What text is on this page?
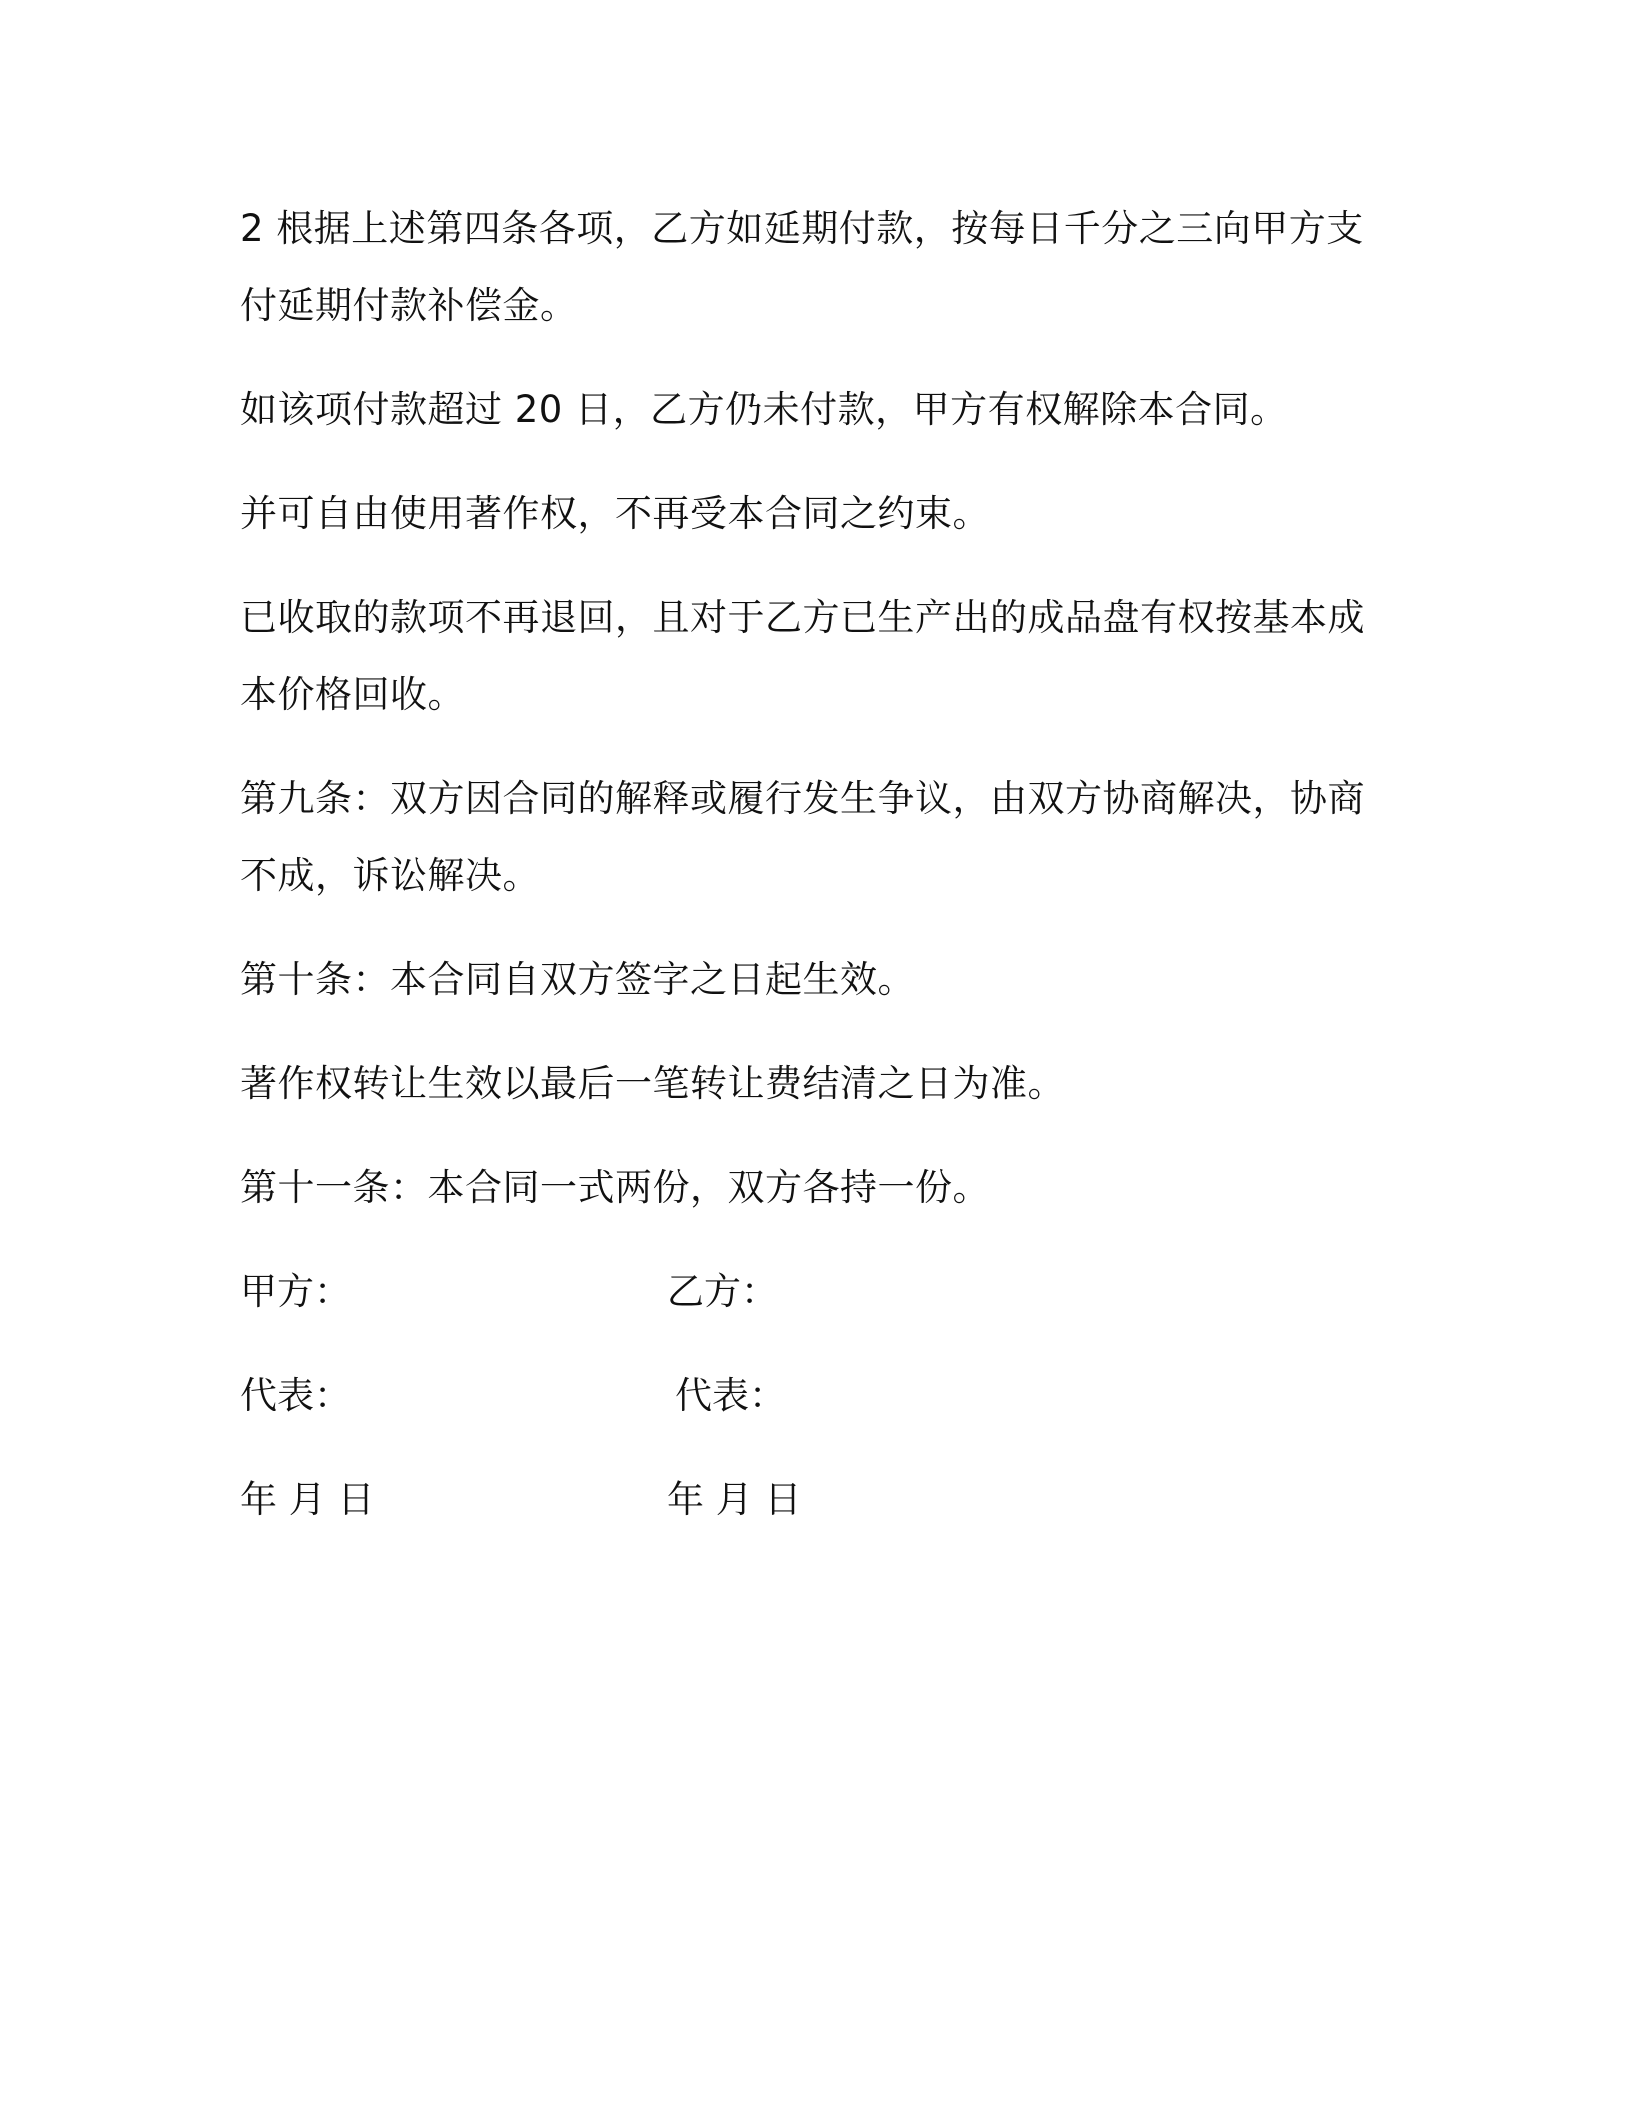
2 根据上述第四条各项，乙方如延期付款，按每日千分之三向甲方支付延期付款补偿金。

如该项付款超过 20 日，乙方仍未付款，甲方有权解除本合同。

并可自由使用著作权，不再受本合同之约束。

已收取的款项不再退回，且对于乙方已生产出的成品盘有权按基本成本价格回收。

第九条：双方因合同的解释或履行发生争议，由双方协商解决，协商不成，诉讼解决。

第十条：本合同自双方签字之日起生效。

著作权转让生效以最后一笔转让费结清之日为准。

第十一条：本合同一式两份，双方各持一份。

甲方：	乙方：
代表：	代表：
年 月 日	年 月 日
